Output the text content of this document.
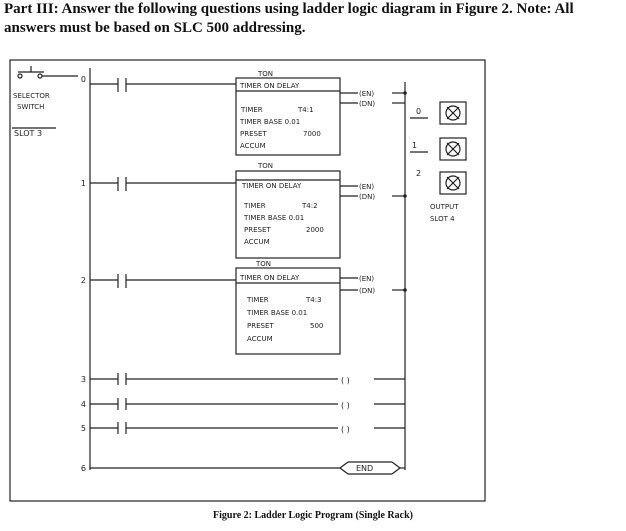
Part III: Answer the following questions using ladder logic diagram in Figure 2. Note: All
answers must be based on SLC 500 addressing.
SELECTOR
SWITCH
SLOT 3
OUTPUT
SLOT 4
0
1
2
3
4
5
6
TON
TIMER ON DELAY
TIMER	T4:1
TIMER BASE 0.01
PRESET	7000
ACCUM
(EN)
(DN)
TON
TIMER ON DELAY
TIMER	T4:2
TIMER BASE 0.01
PRESET	2000
ACCUM
(EN)
(DN)
TON
TIMER ON DELAY
TIMER	T4:3
TIMER BASE 0.01
PRESET	500
ACCUM
(EN)
(DN)
0
1
2
( )
( )
( )
END
Figure 2: Ladder Logic Program (Single Rack)
